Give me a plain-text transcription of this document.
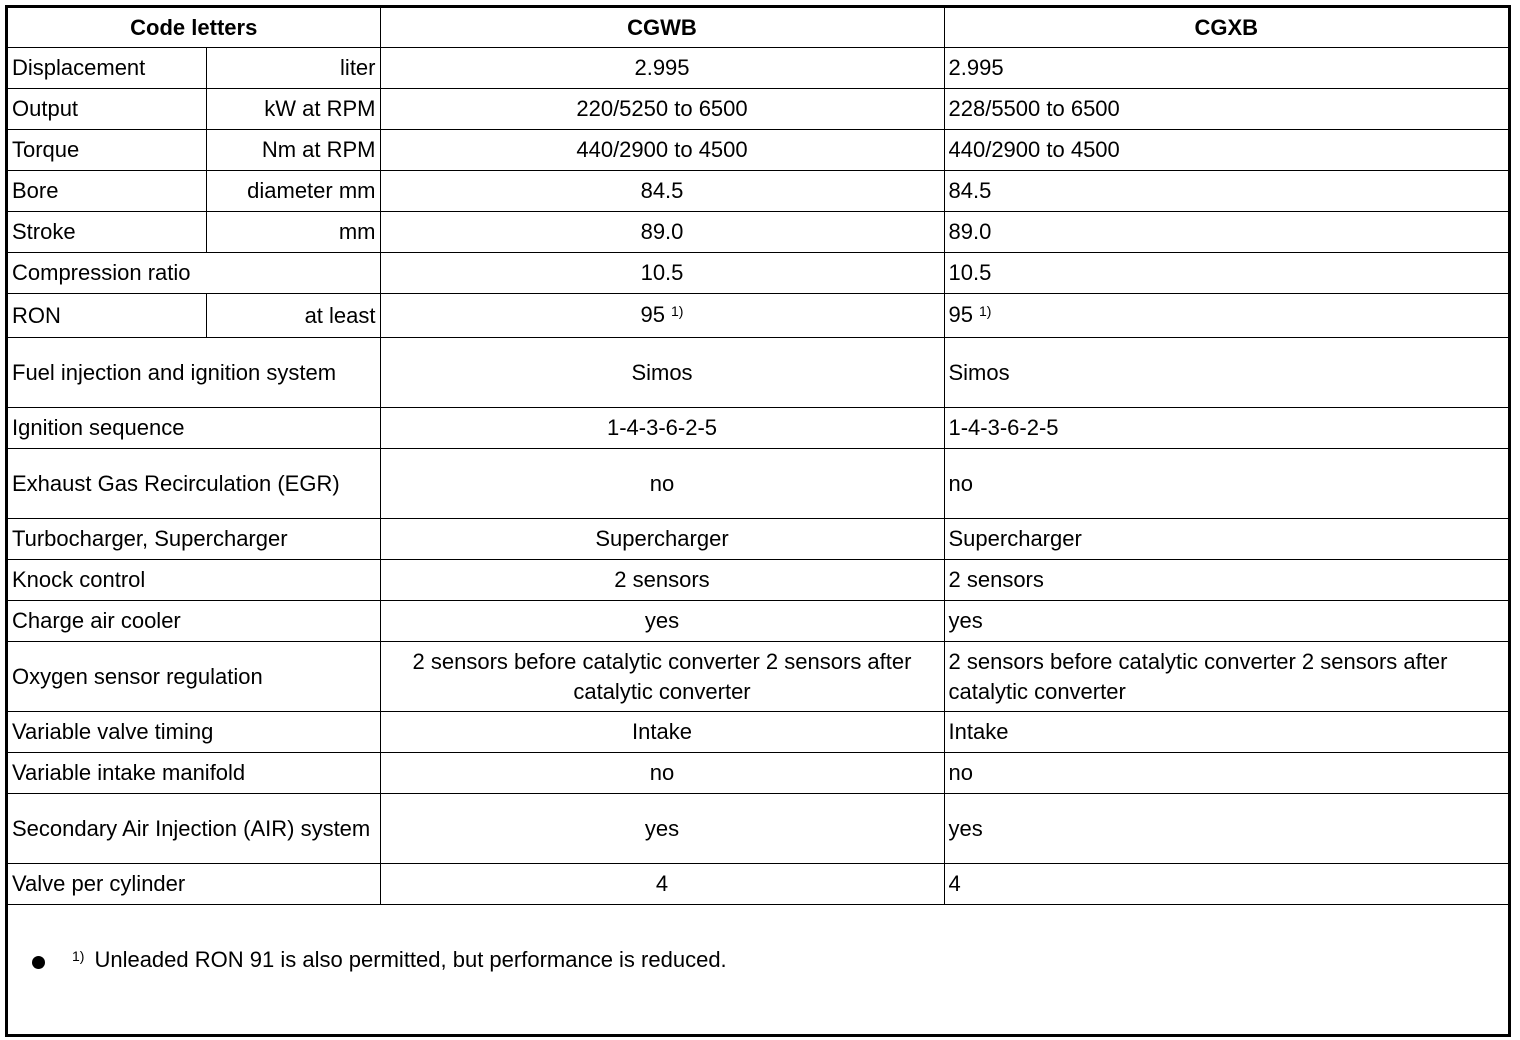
Code letters		CGWB	CGXB
Displacement	liter	2.995	2.995
Output	kW at RPM	220/5250 to 6500	228/5500 to 6500
Torque	Nm at RPM	440/2900 to 4500	440/2900 to 4500
Bore	diameter mm	84.5	84.5
Stroke	mm	89.0	89.0
Compression ratio		10.5	10.5
RON	at least	95 $^{1)}$	95 $^{1)}$
Fuel injection and ignition system		Simos	Simos
Ignition sequence		1-4-3-6-2-5	1-4-3-6-2-5
Exhaust Gas Recirculation (EGR)		no	no
Turbocharger, Supercharger		Supercharger	Supercharger
Knock control		2 sensors	2 sensors
Charge air cooler		yes	yes
Oxygen sensor regulation		2 sensors before catalytic converter 2 sensors after catalytic converter	2 sensors before catalytic converter 2 sensors after catalytic converter
Variable valve timing		Intake	Intake
Variable intake manifold		no	no
Secondary Air Injection (AIR) system		yes	yes
Valve per cylinder		4	4
$^{1)}$ Unleaded RON 91 is also permitted, but performance is reduced.
